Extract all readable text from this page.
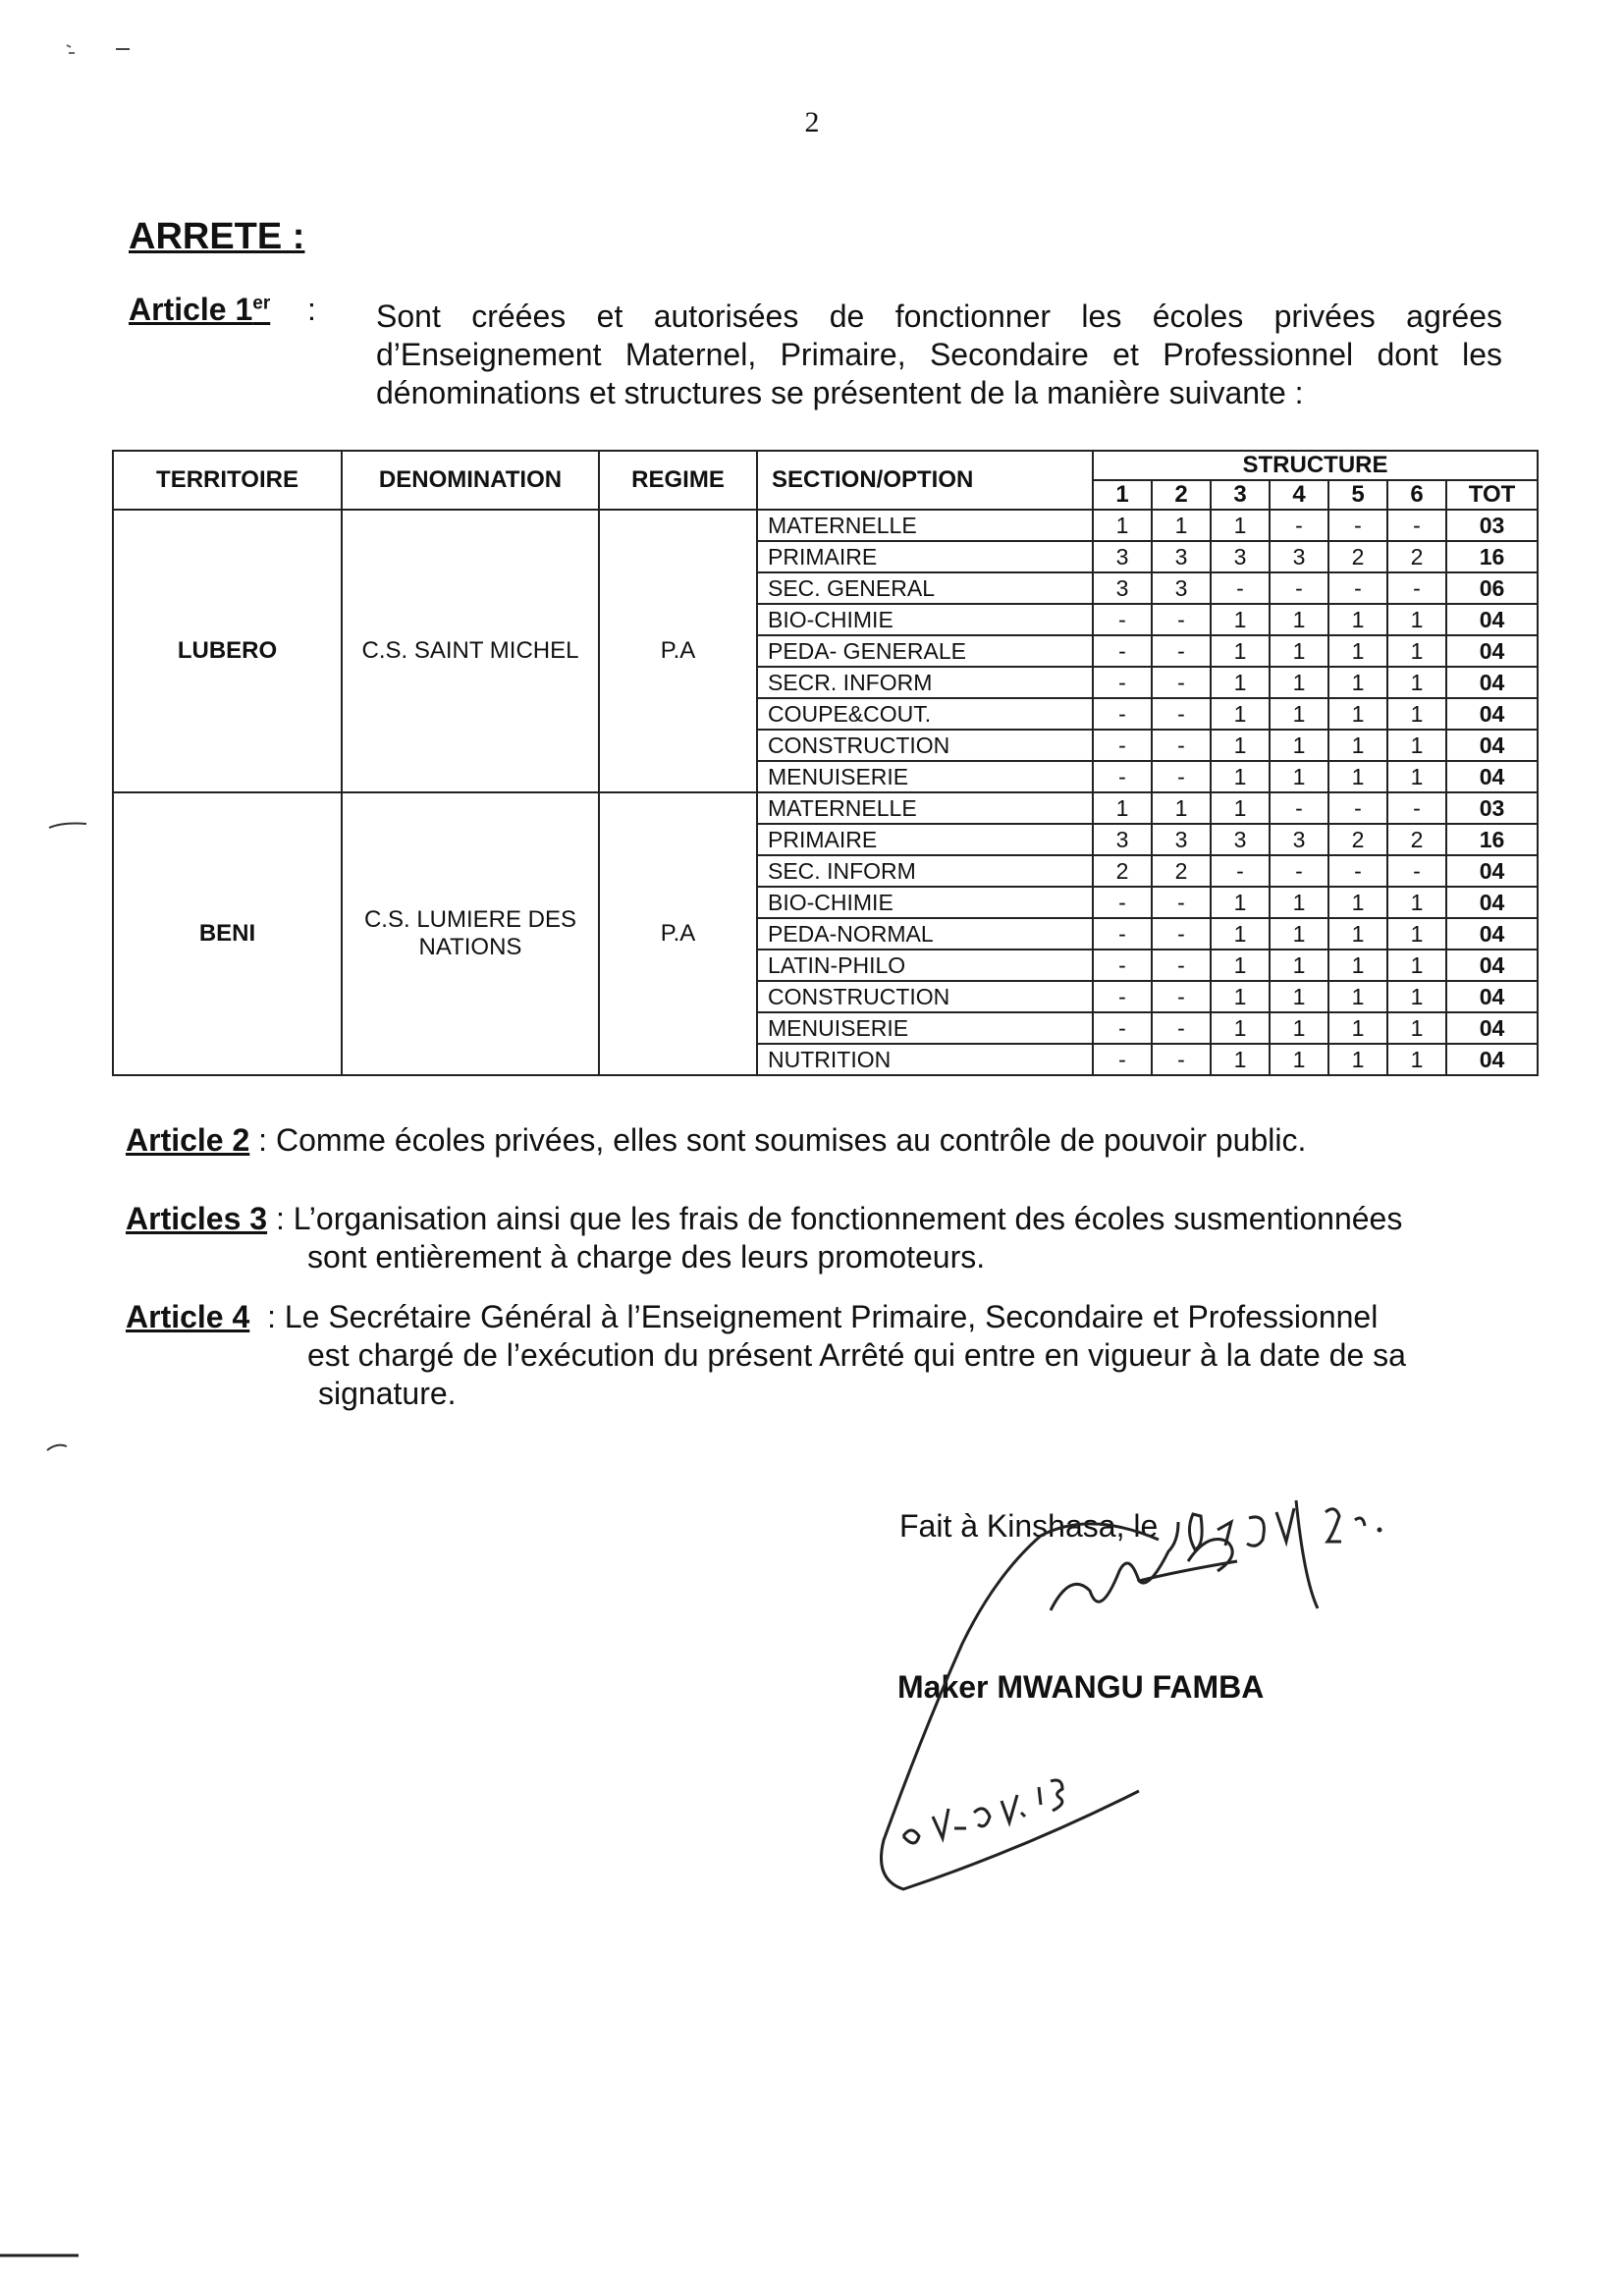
2
ARRETE :
Article 1er : Sont créées et autorisées de fonctionner les écoles privées agrées d’Enseignement Maternel, Primaire, Secondaire et Professionnel dont les dénominations et structures se présentent de la manière suivante :
TERRITOIRE	DENOMINATION	REGIME	SECTION/OPTION	STRUCTURE						
				1	2	3	4	5	6	TOT
LUBERO	C.S. SAINT MICHEL	P.A	MATERNELLE	1	1	1	-	-	-	03
			PRIMAIRE	3	3	3	3	2	2	16
			SEC. GENERAL	3	3	-	-	-	-	06
			BIO-CHIMIE	-	-	1	1	1	1	04
			PEDA- GENERALE	-	-	1	1	1	1	04
			SECR. INFORM	-	-	1	1	1	1	04
			COUPE&COUT.	-	-	1	1	1	1	04
			CONSTRUCTION	-	-	1	1	1	1	04
			MENUISERIE	-	-	1	1	1	1	04
BENI	C.S. LUMIERE DES NATIONS	P.A	MATERNELLE	1	1	1	-	-	-	03
			PRIMAIRE	3	3	3	3	2	2	16
			SEC. INFORM	2	2	-	-	-	-	04
			BIO-CHIMIE	-	-	1	1	1	1	04
			PEDA-NORMAL	-	-	1	1	1	1	04
			LATIN-PHILO	-	-	1	1	1	1	04
			CONSTRUCTION	-	-	1	1	1	1	04
			MENUISERIE	-	-	1	1	1	1	04
			NUTRITION	-	-	1	1	1	1	04
Article 2 : Comme écoles privées, elles sont soumises au contrôle de pouvoir public.
Articles 3 : L’organisation ainsi que les frais de fonctionnement des écoles susmentionnées
sont entièrement à charge des leurs promoteurs.
Article 4 : Le Secrétaire Général à l’Enseignement Primaire, Secondaire et Professionnel
est chargé de l’exécution du présent Arrêté qui entre en vigueur à la date de sa
signature.
Fait à Kinshasa, le
Maker MWANGU FAMBA
